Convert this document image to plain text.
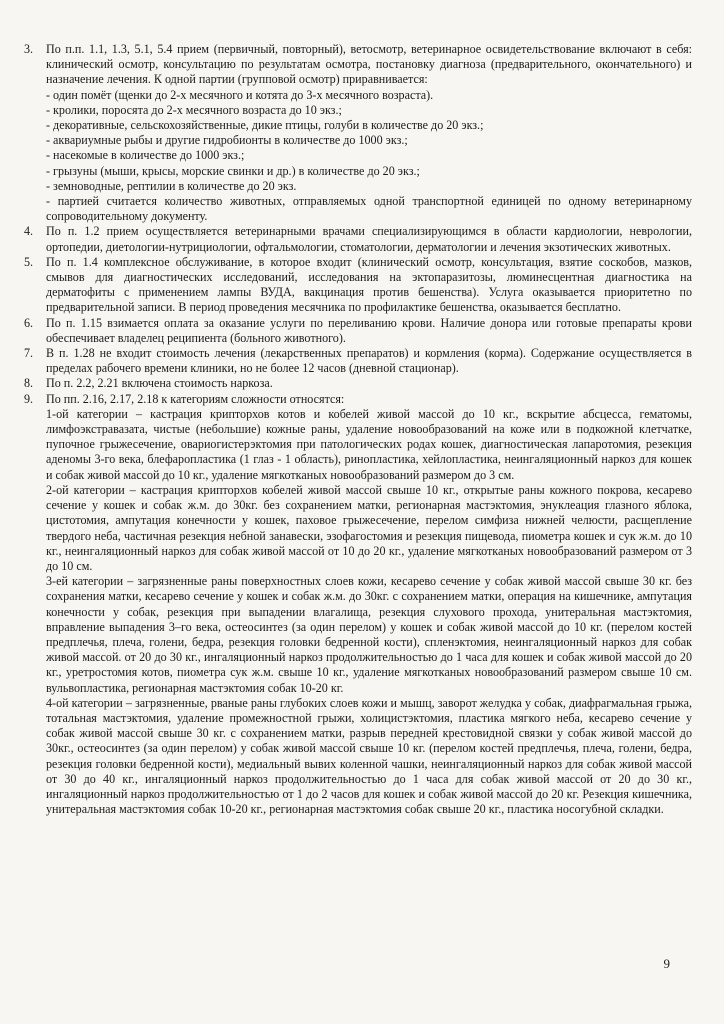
3.	По п.п. 1.1, 1.3, 5.1, 5.4 прием (первичный, повторный), ветосмотр, ветеринарное освидетельствование включают в себя: клинический осмотр, консультацию по результатам осмотра, постановку диагноза (предварительного, окончательного) и назначение лечения. К одной партии (групповой осмотр) приравнивается:

- один помёт (щенки до 2-х месячного и котята до 3-х месячного возраста).

- кролики, поросята до 2-х месячного возраста до 10 экз.;

- декоративные, сельскохозяйственные, дикие птицы, голуби в количестве до 20 экз.;

- аквариумные рыбы и другие гидробионты в количестве до 1000 экз.;

- насекомые в количестве до 1000 экз.;

- грызуны (мыши, крысы, морские свинки и др.) в количестве до 20 экз.;

- земноводные, рептилии в количестве до 20 экз.

- партией считается количество животных, отправляемых одной транспортной единицей по одному ветеринарному сопроводительному документу.

4.	По п. 1.2 прием осуществляется ветеринарными врачами специализирующимся в области кардиологии, неврологии, ортопедии, диетологии-нутрициологии, офтальмологии, стоматологии, дерматологии и лечения экзотических животных.

5.	По п. 1.4 комплексное обслуживание, в которое входит (клинический осмотр, консультация, взятие соскобов, мазков, смывов для диагностических исследований, исследования на эктопаразитозы, люминесцентная диагностика на дерматофиты с применением лампы ВУДА, вакцинация против бешенства). Услуга оказывается приоритетно по предварительной записи. В период проведения месячника по профилактике бешенства, оказывается бесплатно.

6.	По п. 1.15 взимается оплата за оказание услуги по переливанию крови. Наличие донора или готовые препараты крови обеспечивает владелец реципиента (больного животного).

7.	В п. 1.28 не входит стоимость лечения (лекарственных препаратов) и кормления (корма). Содержание осуществляется в пределах рабочего времени клиники, но не более 12 часов (дневной стационар).

8.	По п. 2.2, 2.21 включена стоимость наркоза.

9.	По пп. 2.16, 2.17, 2.18 к категориям сложности относятся:

1-ой категории – кастрация крипторхов котов и кобелей живой массой до 10 кг., вскрытие абсцесса, гематомы, лимфоэкстравазата, чистые (небольшие) кожные раны, удаление новообразований на коже или в подкожной клетчатке, пупочное грыжесечение, овариогистерэктомия при патологических родах кошек, диагностическая лапаротомия, резекция аденомы 3-го века, блефаропластика (1 глаз - 1 область), ринопластика, хейлопластика, неингаляционный наркоз для кошек и собак живой массой до 10 кг., удаление мягкотканых новообразований размером до 3 см.

2-ой категории – кастрация крипторхов кобелей живой массой свыше 10 кг., открытые раны кожного покрова, кесарево сечение у кошек и собак ж.м. до 30кг. без сохранением матки, регионарная мастэктомия, энуклеация глазного яблока, цистотомия, ампутация конечности у кошек, паховое грыжесечение, перелом симфиза нижней челюсти, расщепление твердого неба, частичная резекция небной занавески, эзофагостомия и резекция пищевода, пиометра кошек и сук ж.м. до 10 кг., неингаляционный наркоз для собак живой массой от 10 до 20 кг., удаление мягкотканых новообразований размером от 3 до 10 см.

3-ей категории – загрязненные раны поверхностных слоев кожи, кесарево сечение у собак живой массой свыше 30 кг. без сохранения матки, кесарево сечение у кошек и собак ж.м. до 30кг. с сохранением матки, операция на кишечнике, ампутация конечности у собак, резекция при выпадении влагалища, резекция слухового прохода, унитеральная мастэктомия, вправление выпадения 3–го века, остеосинтез (за один перелом) у кошек и собак живой массой до 10 кг. (перелом костей предплечья, плеча, голени, бедра, резекция головки бедренной кости), спленэктомия, неингаляционный наркоз для собак живой массой. от 20 до 30 кг., ингаляционный наркоз продолжительностью до 1 часа для кошек и собак живой массой до 20 кг., уретростомия котов, пиометра сук ж.м. свыше 10 кг., удаление мягкотканых новообразований размером свыше 10 см. вульвопластика, регионарная мастэктомия собак 10-20 кг.

4-ой категории – загрязненные, рваные раны глубоких слоев кожи и мышц, заворот желудка у собак, диафрагмальная грыжа, тотальная мастэктомия, удаление промежностной грыжи, холицистэктомия, пластика мягкого неба, кесарево сечение у собак живой массой свыше 30 кг. с сохранением матки, разрыв передней крестовидной связки у собак живой массой до 30кг., остеосинтез (за один перелом) у собак живой массой свыше 10 кг. (перелом костей предплечья, плеча, голени, бедра, резекция головки бедренной кости), медиальный вывих коленной чашки, неингаляционный наркоз для собак живой массой от 30 до 40 кг., ингаляционный наркоз продолжительностью до 1 часа для собак живой массой от 20 до 30 кг., ингаляционный наркоз продолжительностью от 1 до 2 часов для кошек и собак живой массой до 20 кг. Резекция кишечника, унитеральная мастэктомия собак 10-20 кг., регионарная мастэктомия собак свыше 20 кг., пластика носогубной складки.

9
